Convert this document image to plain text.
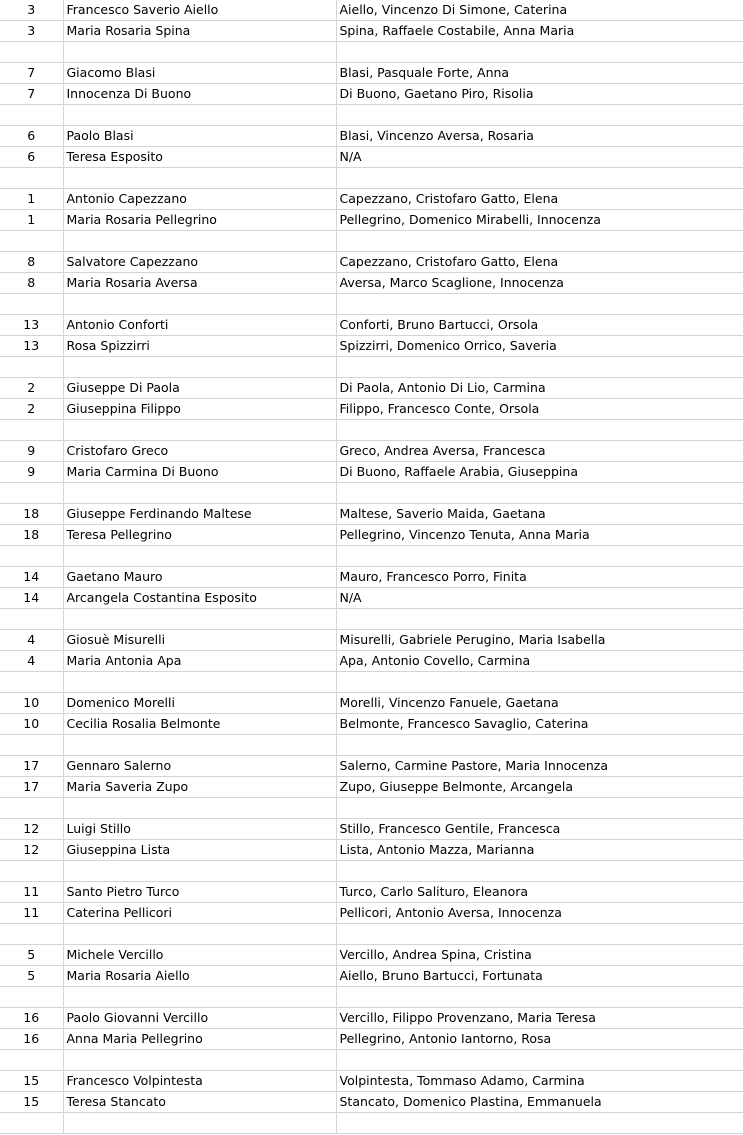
3	Francesco Saverio Aiello	Aiello, Vincenzo Di Simone, Caterina
3	Maria Rosaria Spina	Spina, Raffaele Costabile, Anna Maria

7	Giacomo Blasi	Blasi, Pasquale Forte, Anna
7	Innocenza Di Buono	Di Buono, Gaetano Piro, Risolia

6	Paolo Blasi	Blasi, Vincenzo Aversa, Rosaria
6	Teresa Esposito	N/A

1	Antonio Capezzano	Capezzano, Cristofaro Gatto, Elena
1	Maria Rosaria Pellegrino	Pellegrino, Domenico Mirabelli, Innocenza

8	Salvatore Capezzano	Capezzano, Cristofaro Gatto, Elena
8	Maria Rosaria Aversa	Aversa, Marco Scaglione, Innocenza

13	Antonio Conforti	Conforti, Bruno Bartucci, Orsola
13	Rosa Spizzirri	Spizzirri, Domenico Orrico, Saveria

2	Giuseppe Di Paola	Di Paola, Antonio Di Lio, Carmina
2	Giuseppina Filippo	Filippo, Francesco Conte, Orsola

9	Cristofaro Greco	Greco, Andrea Aversa, Francesca
9	Maria Carmina Di Buono	Di Buono, Raffaele Arabia, Giuseppina

18	Giuseppe Ferdinando Maltese	Maltese, Saverio Maida, Gaetana
18	Teresa Pellegrino	Pellegrino, Vincenzo Tenuta, Anna Maria

14	Gaetano Mauro	Mauro, Francesco Porro, Finita
14	Arcangela Costantina Esposito	N/A

4	Giosuè Misurelli	Misurelli, Gabriele Perugino, Maria Isabella
4	Maria Antonia Apa	Apa, Antonio Covello, Carmina

10	Domenico Morelli	Morelli, Vincenzo Fanuele, Gaetana
10	Cecilia Rosalia Belmonte	Belmonte, Francesco Savaglio, Caterina

17	Gennaro Salerno	Salerno, Carmine Pastore, Maria Innocenza
17	Maria Saveria Zupo	Zupo, Giuseppe Belmonte, Arcangela

12	Luigi Stillo	Stillo, Francesco Gentile, Francesca
12	Giuseppina Lista	Lista, Antonio Mazza, Marianna

11	Santo Pietro Turco	Turco, Carlo Salituro, Eleanora
11	Caterina Pellicori	Pellicori, Antonio Aversa, Innocenza

5	Michele Vercillo	Vercillo, Andrea Spina, Cristina
5	Maria Rosaria Aiello	Aiello, Bruno Bartucci, Fortunata

16	Paolo Giovanni Vercillo	Vercillo, Filippo Provenzano, Maria Teresa
16	Anna Maria Pellegrino	Pellegrino, Antonio Iantorno, Rosa

15	Francesco Volpintesta	Volpintesta, Tommaso Adamo, Carmina
15	Teresa Stancato	Stancato, Domenico Plastina, Emmanuela
